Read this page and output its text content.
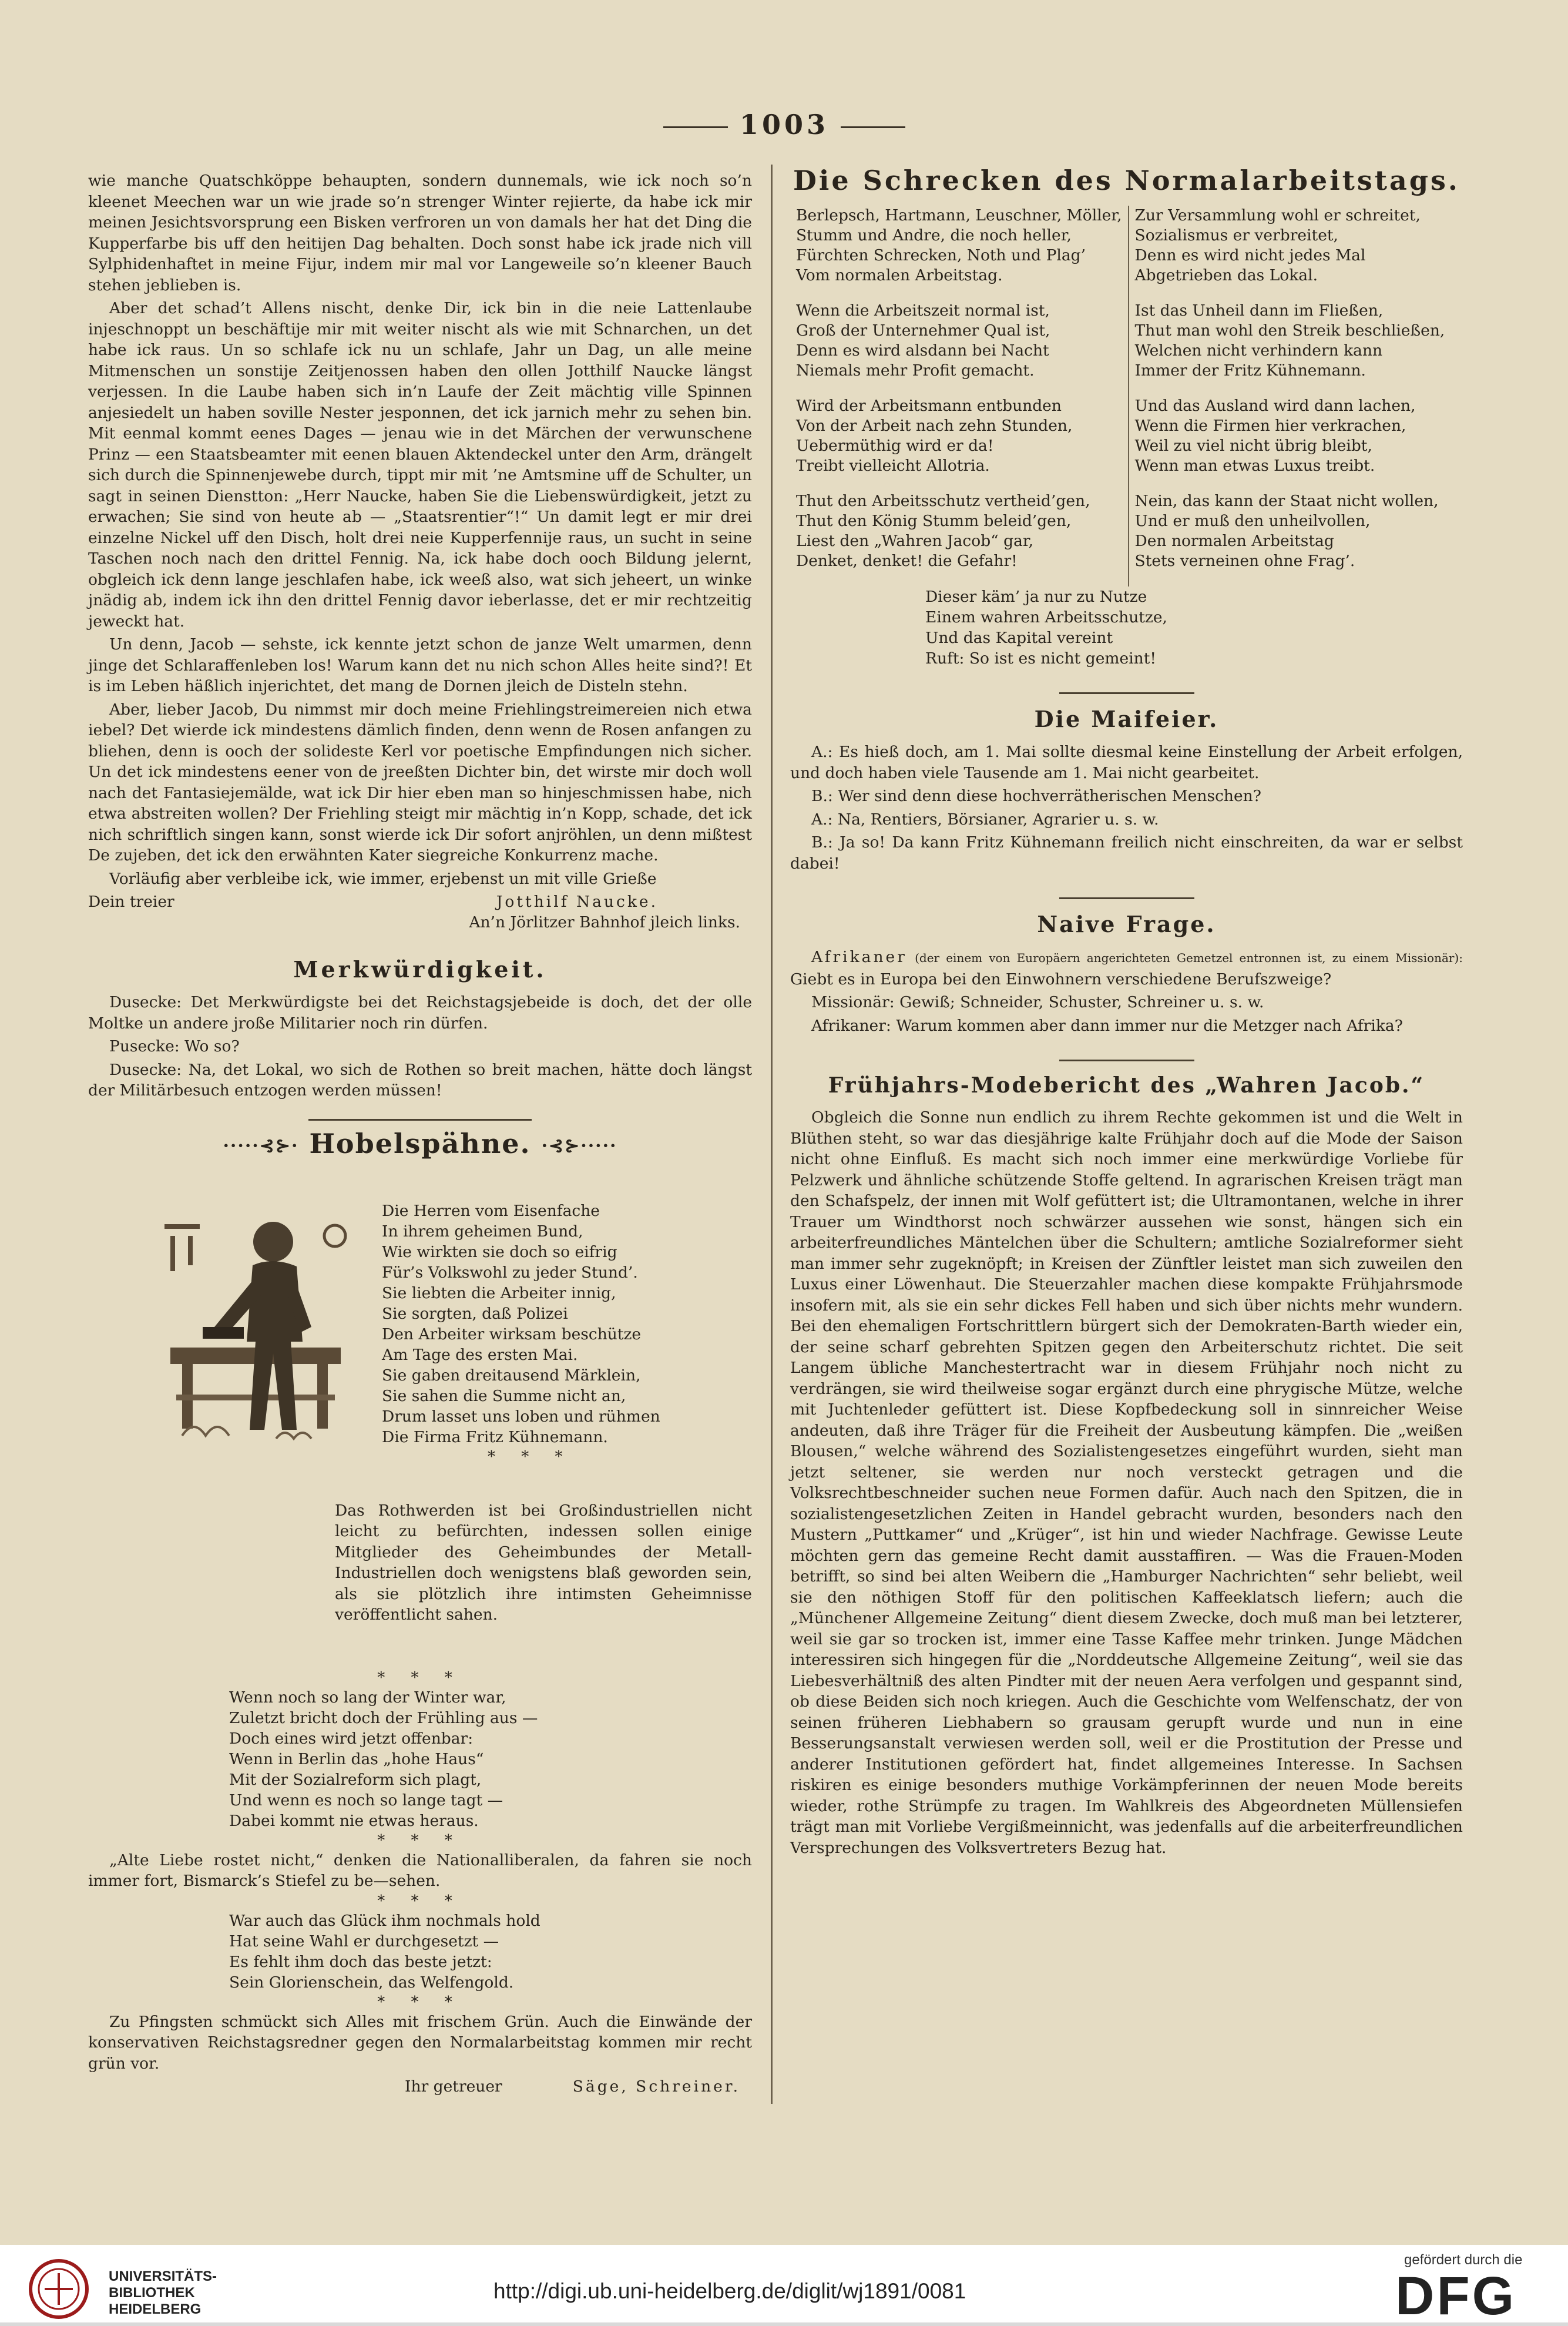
1003

wie manche Quatschköppe behaupten, sondern dunnemals, wie ick noch so’n kleenet Meechen war un wie jrade so’n strenger Winter rejierte, da habe ick mir meinen Jesichtsvorsprung een Bisken verfroren un von damals her hat det Ding die Kupperfarbe bis uff den heitijen Dag behalten. Doch sonst habe ick jrade nich vill Sylphidenhaftet in meine Fijur, indem mir mal vor Langeweile so’n kleener Bauch stehen jeblieben is.

Aber det schad’t Allens nischt, denke Dir, ick bin in die neie Lattenlaube injeschnoppt un beschäftije mir mit weiter nischt als wie mit Schnarchen, un det habe ick raus. Un so schlafe ick nu un schlafe, Jahr un Dag, un alle meine Mitmenschen un sonstije Zeitjenossen haben den ollen Jotthilf Naucke längst verjessen. In die Laube haben sich in’n Laufe der Zeit mächtig ville Spinnen anjesiedelt un haben soville Nester jesponnen, det ick jarnich mehr zu sehen bin. Mit eenmal kommt eenes Dages — jenau wie in det Märchen der verwunschene Prinz — een Staatsbeamter mit eenen blauen Aktendeckel unter den Arm, drängelt sich durch die Spinnenjewebe durch, tippt mir mit ’ne Amtsmine uff de Schulter, un sagt in seinen Dienstton: „Herr Naucke, haben Sie die Liebenswürdigkeit, jetzt zu erwachen; Sie sind von heute ab — „Staatsrentier“!“ Un damit legt er mir drei einzelne Nickel uff den Disch, holt drei neie Kupperfennije raus, un sucht in seine Taschen noch nach den drittel Fennig. Na, ick habe doch ooch Bildung jelernt, obgleich ick denn lange jeschlafen habe, ick weeß also, wat sich jeheert, un winke jnädig ab, indem ick ihn den drittel Fennig davor ieberlasse, det er mir rechtzeitig jeweckt hat.

Un denn, Jacob — sehste, ick kennte jetzt schon de janze Welt umarmen, denn jinge det Schlaraffenleben los! Warum kann det nu nich schon Alles heite sind?! Et is im Leben häßlich injerichtet, det mang de Dornen jleich de Disteln stehn.

Aber, lieber Jacob, Du nimmst mir doch meine Friehlingstreimereien nich etwa iebel? Det wierde ick mindestens dämlich finden, denn wenn de Rosen anfangen zu bliehen, denn is ooch der solideste Kerl vor poetische Empfindungen nich sicher. Un det ick mindestens eener von de jreeßten Dichter bin, det wirste mir doch woll nach det Fantasiejemälde, wat ick Dir hier eben man so hinjeschmissen habe, nich etwa abstreiten wollen? Der Friehling steigt mir mächtig in’n Kopp, schade, det ick nich schriftlich singen kann, sonst wierde ick Dir sofort anjröhlen, un denn mißtest De zujeben, det ick den erwähnten Kater siegreiche Konkurrenz mache.

Vorläufig aber verbleibe ick, wie immer, erjebenst un mit ville Grieße

Dein treier	Jotthilf Naucke.
An’n Jörlitzer Bahnhof jleich links.
Merkwürdigkeit.

Dusecke: Det Merkwürdigste bei det Reichstagsjebeide is doch, det der olle Moltke un andere jroße Militarier noch rin dürfen.

Pusecke: Wo so?

Dusecke: Na, det Lokal, wo sich de Rothen so breit machen, hätte doch längst der Militärbesuch entzogen werden müssen!

·····⊰⊱· Hobelspähne. ·⊰⊱·····
Die Herren vom Eisenfache
In ihrem geheimen Bund,
Wie wirkten sie doch so eifrig
Für’s Volkswohl zu jeder Stund’.
Sie liebten die Arbeiter innig,
Sie sorgten, daß Polizei
Den Arbeiter wirksam beschütze
Am Tage des ersten Mai.
Sie gaben dreitausend Märklein,
Sie sahen die Summe nicht an,
Drum lasset uns loben und rühmen
Die Firma Fritz Kühnemann.
* * *

Das Rothwerden ist bei Großindustriellen nicht leicht zu befürchten, indessen sollen einige Mitglieder des Geheimbundes der Metall-Industriellen doch wenigstens blaß geworden sein, als sie plötzlich ihre intimsten Geheimnisse veröffentlicht sahen.

* * *
Wenn noch so lang der Winter war,
Zuletzt bricht doch der Frühling aus —
Doch eines wird jetzt offenbar:
Wenn in Berlin das „hohe Haus“
Mit der Sozialreform sich plagt,
Und wenn es noch so lange tagt —
Dabei kommt nie etwas heraus.
* * *

„Alte Liebe rostet nicht,“ denken die Nationalliberalen, da fahren sie noch immer fort, Bismarck’s Stiefel zu be—sehen.

* * *
War auch das Glück ihm nochmals hold
Hat seine Wahl er durchgesetzt —
Es fehlt ihm doch das beste jetzt:
Sein Glorienschein, das Welfengold.
* * *

Zu Pfingsten schmückt sich Alles mit frischem Grün. Auch die Einwände der konservativen Reichstagsredner gegen den Normalarbeitstag kommen mir recht grün vor.

Ihr getreuer	Säge, Schreiner.
Die Schrecken des Normalarbeitstags.
Berlepsch, Hartmann, Leuschner, Möller,
Stumm und Andre, die noch heller,
Fürchten Schrecken, Noth und Plag’
Vom normalen Arbeitstag.
Zur Versammlung wohl er schreitet,
Sozialismus er verbreitet,
Denn es wird nicht jedes Mal
Abgetrieben das Lokal.
Wenn die Arbeitszeit normal ist,
Groß der Unternehmer Qual ist,
Denn es wird alsdann bei Nacht
Niemals mehr Profit gemacht.
Ist das Unheil dann im Fließen,
Thut man wohl den Streik beschließen,
Welchen nicht verhindern kann
Immer der Fritz Kühnemann.
Wird der Arbeitsmann entbunden
Von der Arbeit nach zehn Stunden,
Uebermüthig wird er da!
Treibt vielleicht Allotria.
Und das Ausland wird dann lachen,
Wenn die Firmen hier verkrachen,
Weil zu viel nicht übrig bleibt,
Wenn man etwas Luxus treibt.
Thut den Arbeitsschutz vertheid’gen,
Thut den König Stumm beleid’gen,
Liest den „Wahren Jacob“ gar,
Denket, denket! die Gefahr!
Nein, das kann der Staat nicht wollen,
Und er muß den unheilvollen,
Den normalen Arbeitstag
Stets verneinen ohne Frag’.
Dieser käm’ ja nur zu Nutze
Einem wahren Arbeitsschutze,
Und das Kapital vereint
Ruft: So ist es nicht gemeint!
Die Maifeier.

A.: Es hieß doch, am 1. Mai sollte diesmal keine Einstellung der Arbeit erfolgen, und doch haben viele Tausende am 1. Mai nicht gearbeitet.

B.: Wer sind denn diese hochverrätherischen Menschen?

A.: Na, Rentiers, Börsianer, Agrarier u. s. w.

B.: Ja so! Da kann Fritz Kühnemann freilich nicht einschreiten, da war er selbst dabei!

Naive Frage.

Afrikaner (der einem von Europäern angerichteten Gemetzel entronnen ist, zu einem Missionär): Giebt es in Europa bei den Einwohnern verschiedene Berufszweige?

Missionär: Gewiß; Schneider, Schuster, Schreiner u. s. w.

Afrikaner: Warum kommen aber dann immer nur die Metzger nach Afrika?

Frühjahrs-Modebericht des „Wahren Jacob.“

Obgleich die Sonne nun endlich zu ihrem Rechte gekommen ist und die Welt in Blüthen steht, so war das diesjährige kalte Frühjahr doch auf die Mode der Saison nicht ohne Einfluß. Es macht sich noch immer eine merkwürdige Vorliebe für Pelzwerk und ähnliche schützende Stoffe geltend. In agrarischen Kreisen trägt man den Schafspelz, der innen mit Wolf gefüttert ist; die Ultramontanen, welche in ihrer Trauer um Windthorst noch schwärzer aussehen wie sonst, hängen sich ein arbeiterfreundliches Mäntelchen über die Schultern; amtliche Sozialreformer sieht man immer sehr zugeknöpft; in Kreisen der Zünftler leistet man sich zuweilen den Luxus einer Löwenhaut. Die Steuerzahler machen diese kompakte Frühjahrsmode insofern mit, als sie ein sehr dickes Fell haben und sich über nichts mehr wundern. Bei den ehemaligen Fortschrittlern bürgert sich der Demokraten-Barth wieder ein, der seine scharf gebrehten Spitzen gegen den Arbeiterschutz richtet. Die seit Langem übliche Manchestertracht war in diesem Frühjahr noch nicht zu verdrängen, sie wird theilweise sogar ergänzt durch eine phrygische Mütze, welche mit Juchtenleder gefüttert ist. Diese Kopfbedeckung soll in sinnreicher Weise andeuten, daß ihre Träger für die Freiheit der Ausbeutung kämpfen. Die „weißen Blousen,“ welche während des Sozialistengesetzes eingeführt wurden, sieht man jetzt seltener, sie werden nur noch versteckt getragen und die Volksrechtbeschneider suchen neue Formen dafür. Auch nach den Spitzen, die in sozialistengesetzlichen Zeiten in Handel gebracht wurden, besonders nach den Mustern „Puttkamer“ und „Krüger“, ist hin und wieder Nachfrage. Gewisse Leute möchten gern das gemeine Recht damit ausstaffiren. — Was die Frauen-Moden betrifft, so sind bei alten Weibern die „Hamburger Nachrichten“ sehr beliebt, weil sie den nöthigen Stoff für den politischen Kaffeeklatsch liefern; auch die „Münchener Allgemeine Zeitung“ dient diesem Zwecke, doch muß man bei letzterer, weil sie gar so trocken ist, immer eine Tasse Kaffee mehr trinken. Junge Mädchen interessiren sich hingegen für die „Norddeutsche Allgemeine Zeitung“, weil sie das Liebesverhältniß des alten Pindter mit der neuen Aera verfolgen und gespannt sind, ob diese Beiden sich noch kriegen. Auch die Geschichte vom Welfenschatz, der von seinen früheren Liebhabern so grausam gerupft wurde und nun in eine Besserungsanstalt verwiesen werden soll, weil er die Prostitution der Presse und anderer Institutionen gefördert hat, findet allgemeines Interesse. In Sachsen riskiren es einige besonders muthige Vorkämpferinnen der neuen Mode bereits wieder, rothe Strümpfe zu tragen. Im Wahlkreis des Abgeordneten Müllensiefen trägt man mit Vorliebe Vergißmeinnicht, was jedenfalls auf die arbeiterfreundlichen Versprechungen des Volksvertreters Bezug hat.

UNIVERSITÄTS-
BIBLIOTHEK
HEIDELBERG
http://digi.ub.uni-heidelberg.de/diglit/wj1891/0081
gefördert durch die
DFG
